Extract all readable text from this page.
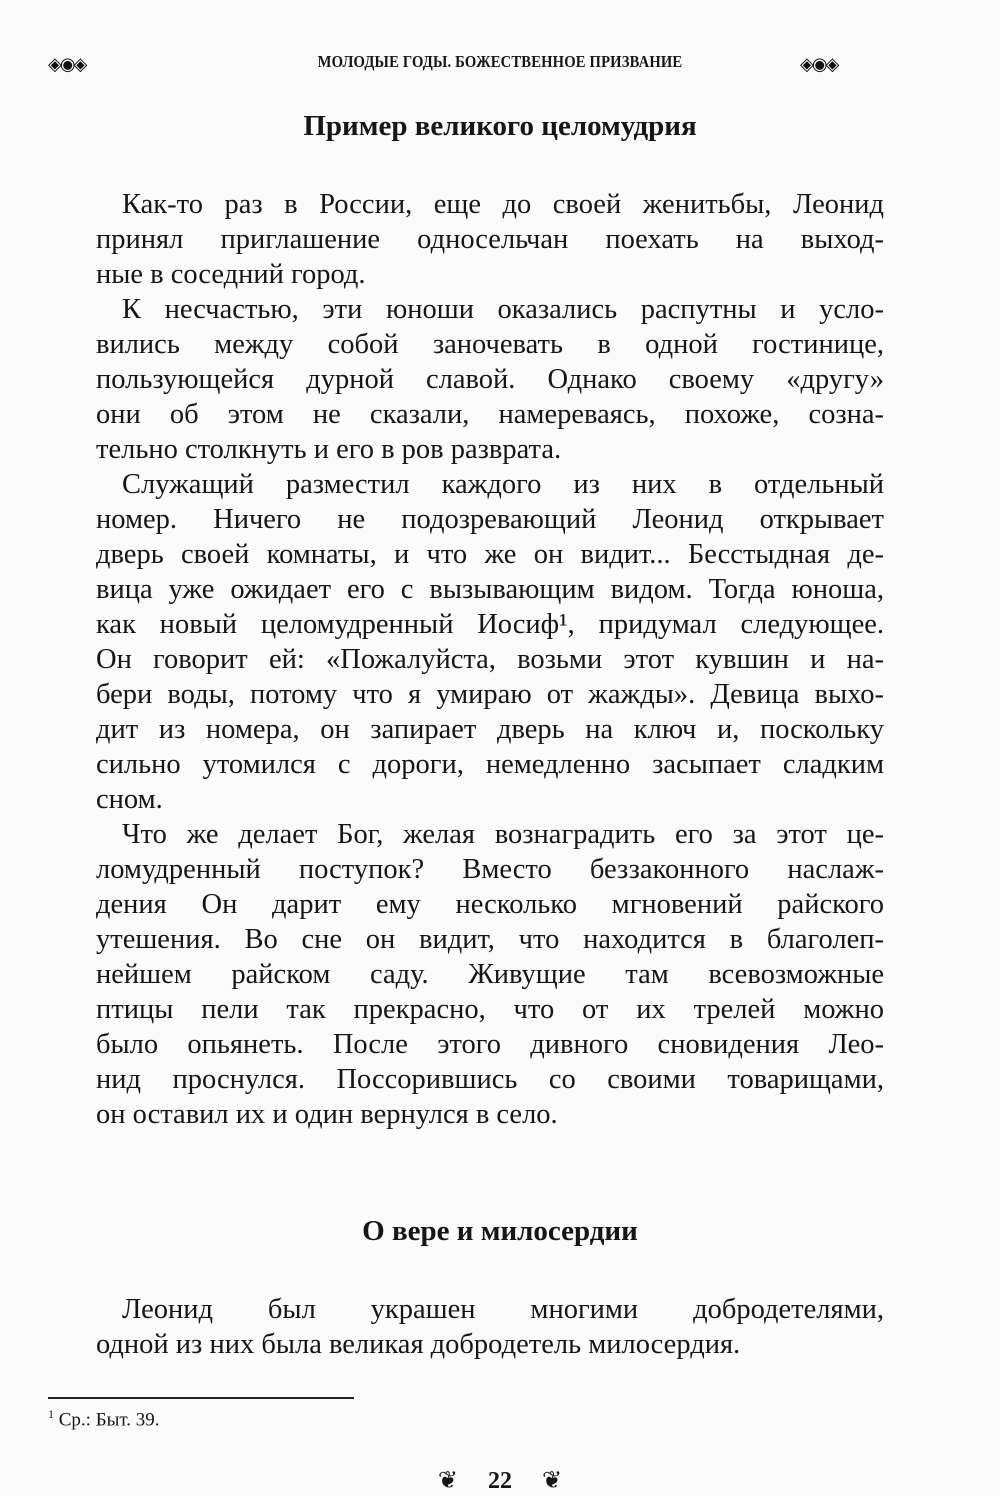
◈◉◈	МОЛОДЫЕ ГОДЫ. БОЖЕСТВЕННОЕ ПРИЗВАНИЕ	◈◉◈
Пример великого целомудрия
Как-то раз в России, еще до своей женитьбы, Леонид
принял приглашение односельчан поехать на выход-
ные в соседний город.
К несчастью, эти юноши оказались распутны и усло-
вились между собой заночевать в одной гостинице,
пользующейся дурной славой. Однако своему «другу»
они об этом не сказали, намереваясь, похоже, созна-
тельно столкнуть и его в ров разврата.
Служащий разместил каждого из них в отдельный
номер. Ничего не подозревающий Леонид открывает
дверь своей комнаты, и что же он видит... Бесстыдная де-
вица уже ожидает его с вызывающим видом. Тогда юноша,
как новый целомудренный Иосиф¹, придумал следующее.
Он говорит ей: «Пожалуйста, возьми этот кувшин и на-
бери воды, потому что я умираю от жажды». Девица выхо-
дит из номера, он запирает дверь на ключ и, поскольку
сильно утомился с дороги, немедленно засыпает сладким
сном.
Что же делает Бог, желая вознаградить его за этот це-
ломудренный поступок? Вместо беззаконного наслаж-
дения Он дарит ему несколько мгновений райского
утешения. Во сне он видит, что находится в благолеп-
нейшем райском саду. Живущие там всевозможные
птицы пели так прекрасно, что от их трелей можно
было опьянеть. После этого дивного сновидения Лео-
нид проснулся. Поссорившись со своими товарищами,
он оставил их и один вернулся в село.
О вере и милосердии
Леонид был украшен многими добродетелями,
одной из них была великая добродетель милосердия.
$^1$ Ср.: Быт. 39.
❦ 22 ❦
